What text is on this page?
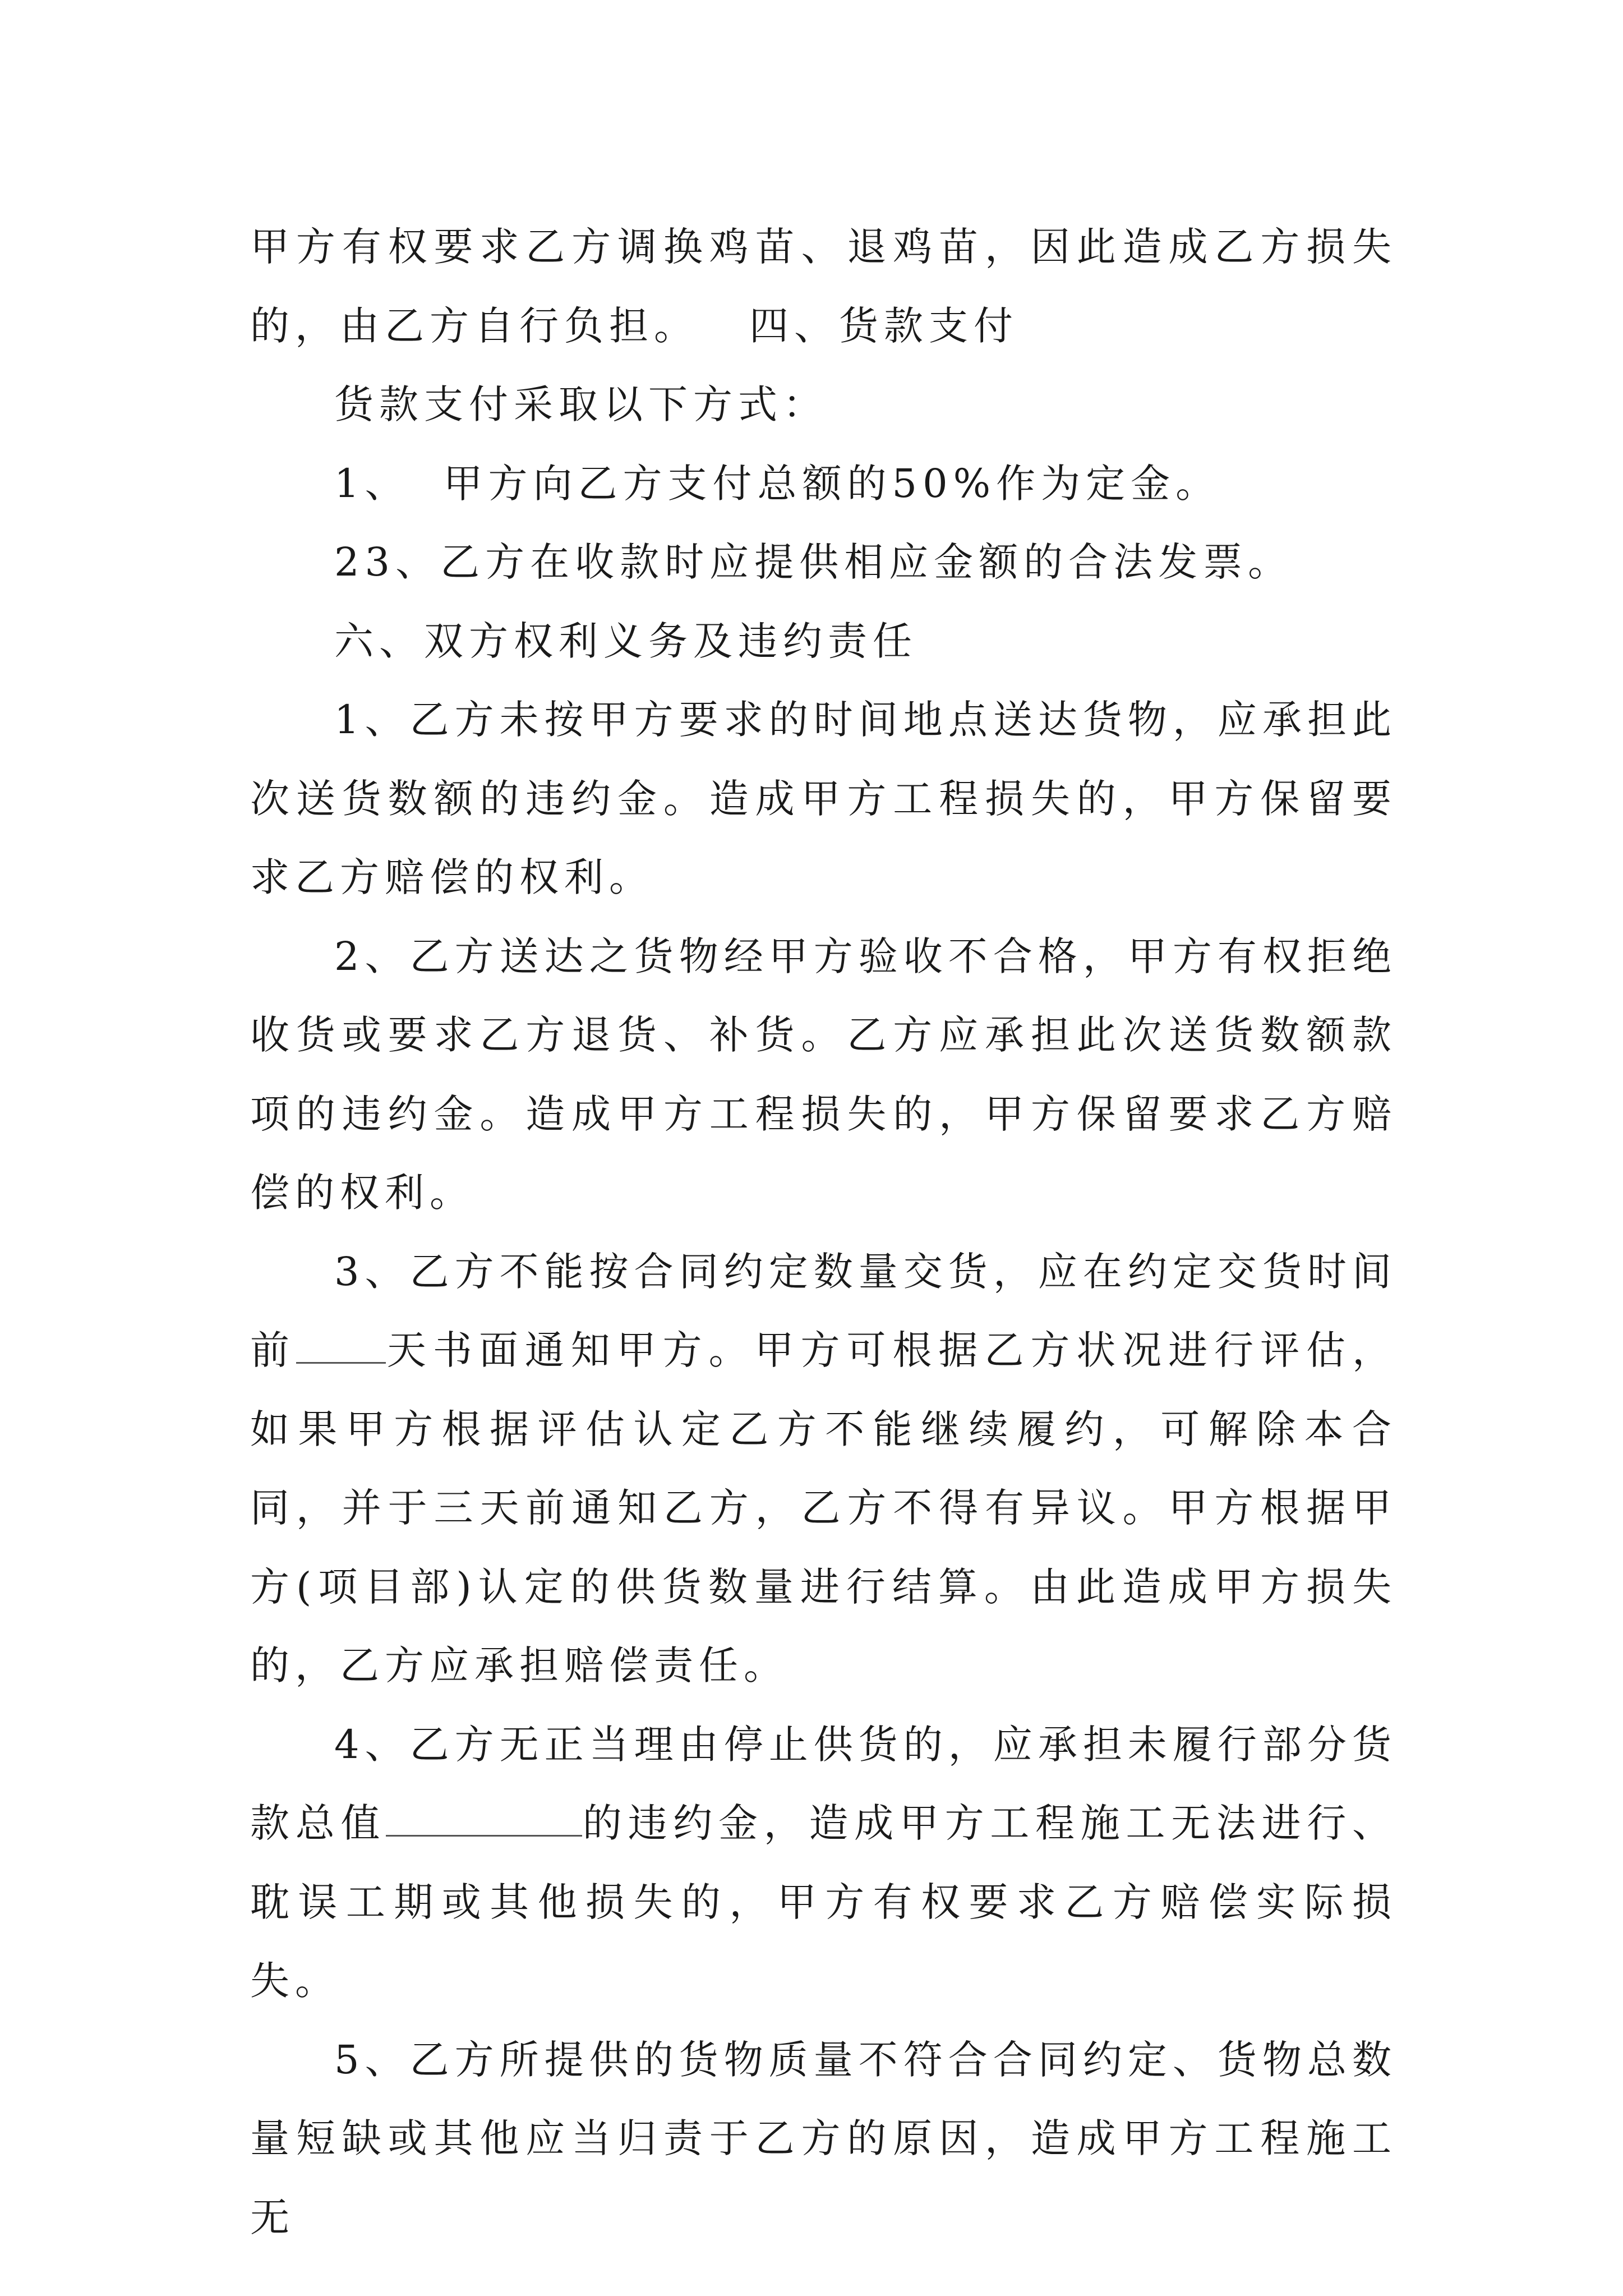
甲方有权要求乙方调换鸡苗、退鸡苗，因此造成乙方损失的，由乙方自行负担。 四、货款支付

货款支付采取以下方式：

1、 甲方向乙方支付总额的50%作为定金。

23、乙方在收款时应提供相应金额的合法发票。

六、双方权利义务及违约责任

1、乙方未按甲方要求的时间地点送达货物，应承担此次送货数额的违约金。造成甲方工程损失的，甲方保留要求乙方赔偿的权利。

2、乙方送达之货物经甲方验收不合格，甲方有权拒绝收货或要求乙方退货、补货。乙方应承担此次送货数额款项的违约金。造成甲方工程损失的，甲方保留要求乙方赔偿的权利。

3、乙方不能按合同约定数量交货，应在约定交货时间前 天书面通知甲方。甲方可根据乙方状况进行评估，如果甲方根据评估认定乙方不能继续履约，可解除本合同，并于三天前通知乙方，乙方不得有异议。甲方根据甲方(项目部)认定的供货数量进行结算。由此造成甲方损失的，乙方应承担赔偿责任。

4、乙方无正当理由停止供货的，应承担未履行部分货款总值	的违约金，造成甲方工程施工无法进行、耽误工期或其他损失的，甲方有权要求乙方赔偿实际损失。

5、乙方所提供的货物质量不符合合同约定、货物总数量短缺或其他应当归责于乙方的原因，造成甲方工程施工无
